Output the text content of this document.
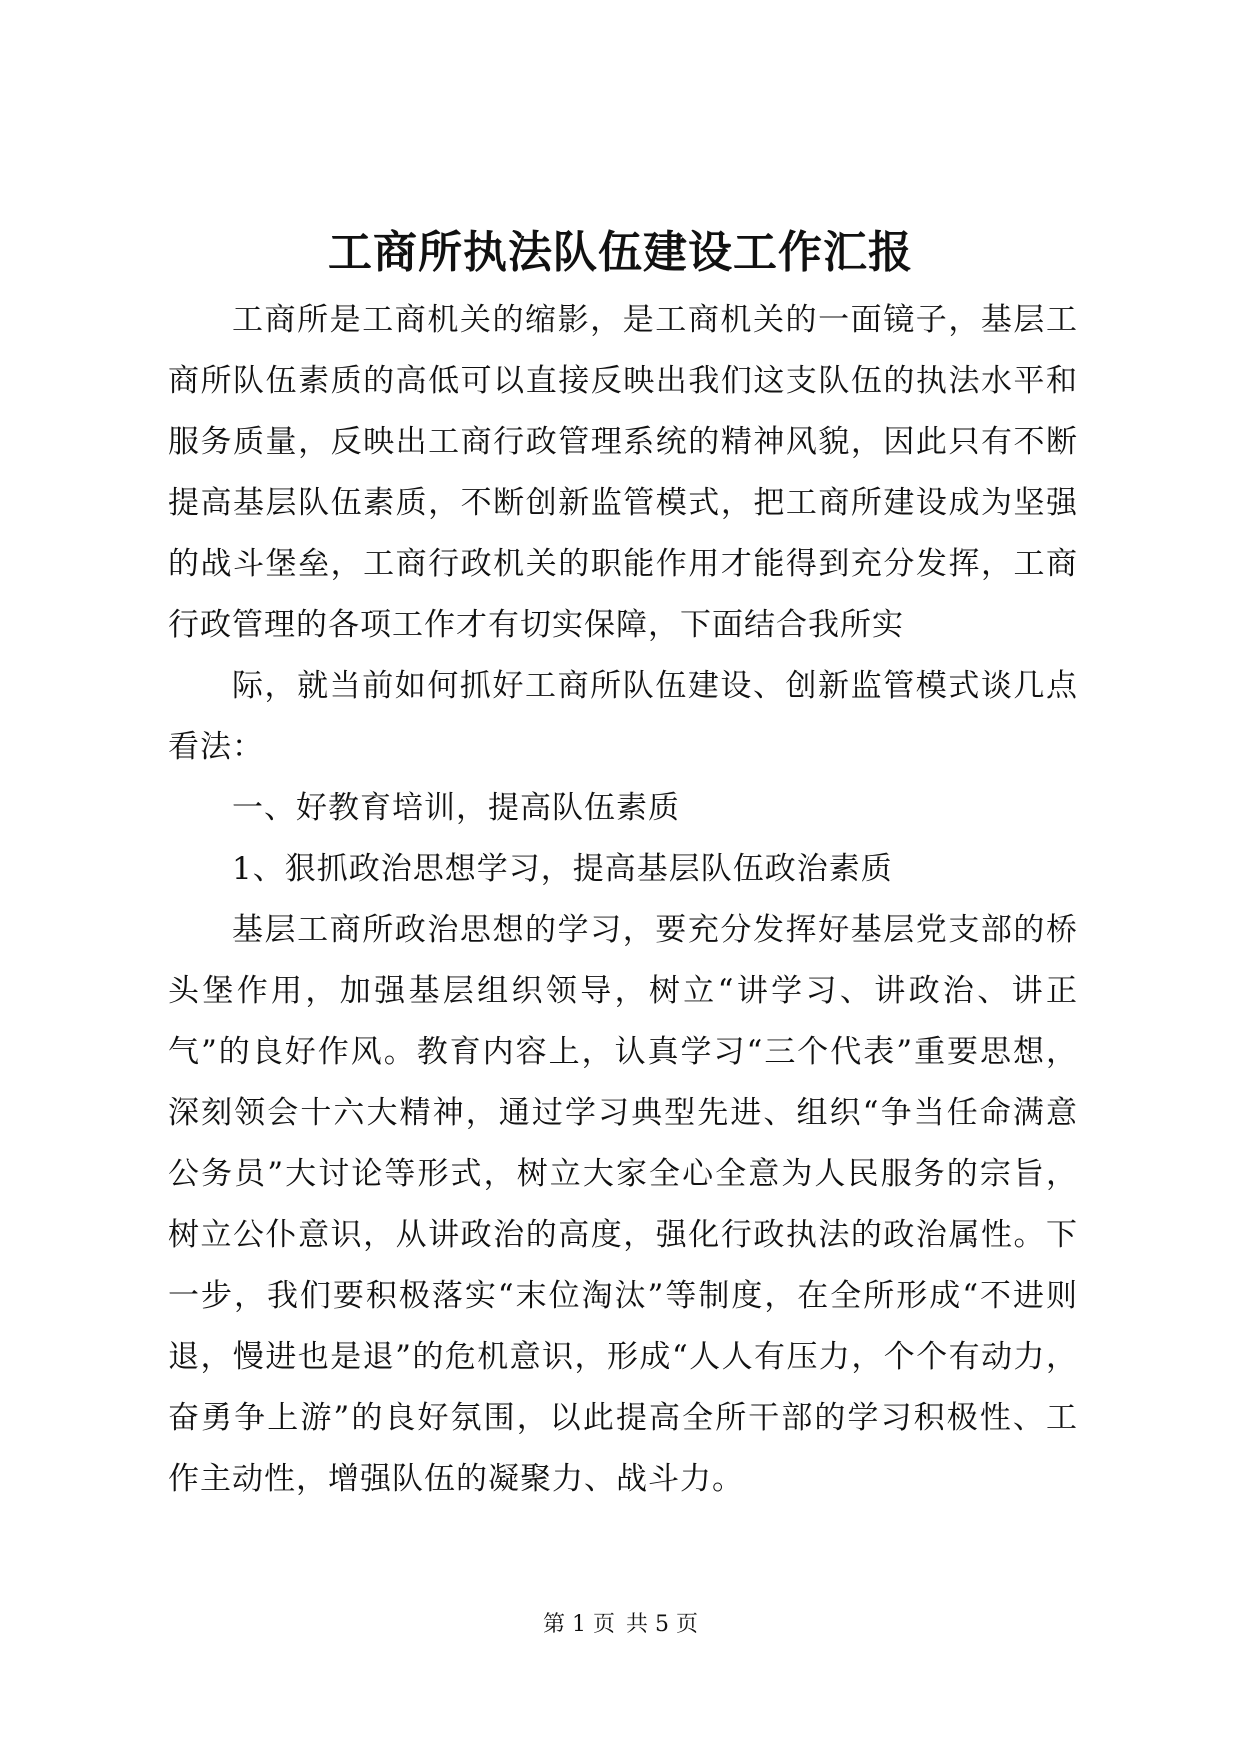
工商所执法队伍建设工作汇报

工商所是工商机关的缩影，是工商机关的一面镜子，基层工商所队伍素质的高低可以直接反映出我们这支队伍的执法水平和服务质量，反映出工商行政管理系统的精神风貌，因此只有不断提高基层队伍素质，不断创新监管模式，把工商所建设成为坚强的战斗堡垒，工商行政机关的职能作用才能得到充分发挥，工商行政管理的各项工作才有切实保障，下面结合我所实

际，就当前如何抓好工商所队伍建设、创新监管模式谈几点看法：

一、好教育培训，提高队伍素质

1、狠抓政治思想学习，提高基层队伍政治素质

基层工商所政治思想的学习，要充分发挥好基层党支部的桥头堡作用，加强基层组织领导，树立“讲学习、讲政治、讲正气”的良好作风。教育内容上，认真学习“三个代表”重要思想，深刻领会十六大精神，通过学习典型先进、组织“争当任命满意公务员”大讨论等形式，树立大家全心全意为人民服务的宗旨，树立公仆意识，从讲政治的高度，强化行政执法的政治属性。下一步，我们要积极落实“末位淘汰”等制度，在全所形成“不进则退，慢进也是退”的危机意识，形成“人人有压力，个个有动力，奋勇争上游”的良好氛围，以此提高全所干部的学习积极性、工作主动性，增强队伍的凝聚力、战斗力。

第 1 页 共 5 页
